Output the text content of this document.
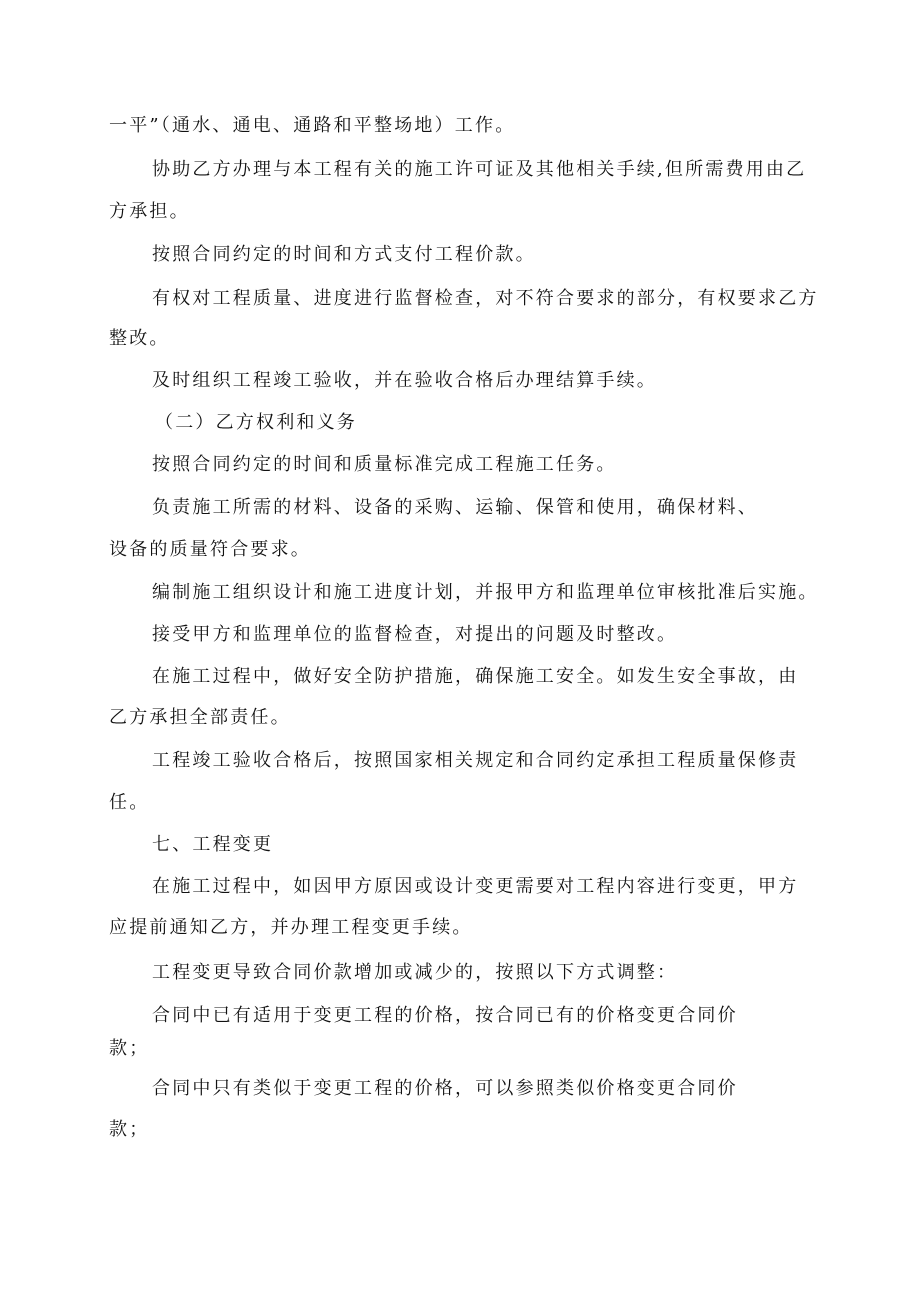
一平”（通水、通电、通路和平整场地）工作。
协助乙方办理与本工程有关的施工许可证及其他相关手续,但所需费用由乙
方承担。
按照合同约定的时间和方式支付工程价款。
有权对工程质量、进度进行监督检查，对不符合要求的部分，有权要求乙方
整改。
及时组织工程竣工验收，并在验收合格后办理结算手续。
（二）乙方权利和义务
按照合同约定的时间和质量标准完成工程施工任务。
负责施工所需的材料、设备的采购、运输、保管和使用，确保材料、
设备的质量符合要求。
编制施工组织设计和施工进度计划，并报甲方和监理单位审核批准后实施。
接受甲方和监理单位的监督检查，对提出的问题及时整改。
在施工过程中，做好安全防护措施，确保施工安全。如发生安全事故，由
乙方承担全部责任。
工程竣工验收合格后，按照国家相关规定和合同约定承担工程质量保修责
任。
七、工程变更
在施工过程中，如因甲方原因或设计变更需要对工程内容进行变更，甲方
应提前通知乙方，并办理工程变更手续。
工程变更导致合同价款增加或减少的，按照以下方式调整：
合同中已有适用于变更工程的价格，按合同已有的价格变更合同价
款；
合同中只有类似于变更工程的价格，可以参照类似价格变更合同价
款；
